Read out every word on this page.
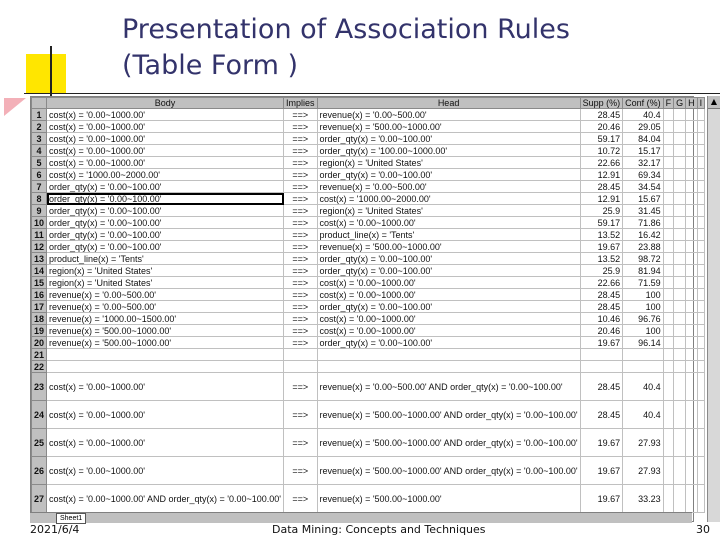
Presentation of Association Rules
(Table Form )
	Body	Implies	Head	Supp (%)	Conf (%)	F	G	H	I
1	cost(x) = '0.00~1000.00'	==>	revenue(x) = '0.00~500.00'	28.45	40.4				
2	cost(x) = '0.00~1000.00'	==>	revenue(x) = '500.00~1000.00'	20.46	29.05				
3	cost(x) = '0.00~1000.00'	==>	order_qty(x) = '0.00~100.00'	59.17	84.04				
4	cost(x) = '0.00~1000.00'	==>	order_qty(x) = '100.00~1000.00'	10.72	15.17				
5	cost(x) = '0.00~1000.00'	==>	region(x) = 'United States'	22.66	32.17				
6	cost(x) = '1000.00~2000.00'	==>	order_qty(x) = '0.00~100.00'	12.91	69.34				
7	order_qty(x) = '0.00~100.00'	==>	revenue(x) = '0.00~500.00'	28.45	34.54				
8	order_qty(x) = '0.00~100.00'	==>	cost(x) = '1000.00~2000.00'	12.91	15.67				
9	order_qty(x) = '0.00~100.00'	==>	region(x) = 'United States'	25.9	31.45				
10	order_qty(x) = '0.00~100.00'	==>	cost(x) = '0.00~1000.00'	59.17	71.86				
11	order_qty(x) = '0.00~100.00'	==>	product_line(x) = 'Tents'	13.52	16.42				
12	order_qty(x) = '0.00~100.00'	==>	revenue(x) = '500.00~1000.00'	19.67	23.88				
13	product_line(x) = 'Tents'	==>	order_qty(x) = '0.00~100.00'	13.52	98.72				
14	region(x) = 'United States'	==>	order_qty(x) = '0.00~100.00'	25.9	81.94				
15	region(x) = 'United States'	==>	cost(x) = '0.00~1000.00'	22.66	71.59				
16	revenue(x) = '0.00~500.00'	==>	cost(x) = '0.00~1000.00'	28.45	100				
17	revenue(x) = '0.00~500.00'	==>	order_qty(x) = '0.00~100.00'	28.45	100				
18	revenue(x) = '1000.00~1500.00'	==>	cost(x) = '0.00~1000.00'	10.46	96.76				
19	revenue(x) = '500.00~1000.00'	==>	cost(x) = '0.00~1000.00'	20.46	100				
20	revenue(x) = '500.00~1000.00'	==>	order_qty(x) = '0.00~100.00'	19.67	96.14				
21									
22									
23	cost(x) = '0.00~1000.00'	==>	revenue(x) = '0.00~500.00' AND order_qty(x) = '0.00~100.00'	28.45	40.4				
24	cost(x) = '0.00~1000.00'	==>	revenue(x) = '500.00~1000.00' AND order_qty(x) = '0.00~100.00'	28.45	40.4				
25	cost(x) = '0.00~1000.00'	==>	revenue(x) = '500.00~1000.00' AND order_qty(x) = '0.00~100.00'	19.67	27.93				
26	cost(x) = '0.00~1000.00'	==>	revenue(x) = '500.00~1000.00' AND order_qty(x) = '0.00~100.00'	19.67	27.93				
27	cost(x) = '0.00~1000.00' AND order_qty(x) = '0.00~100.00'	==>	revenue(x) = '500.00~1000.00'	19.67	33.23				
▲
Sheet1
2021/6/4	Data Mining: Concepts and Techniques	30
